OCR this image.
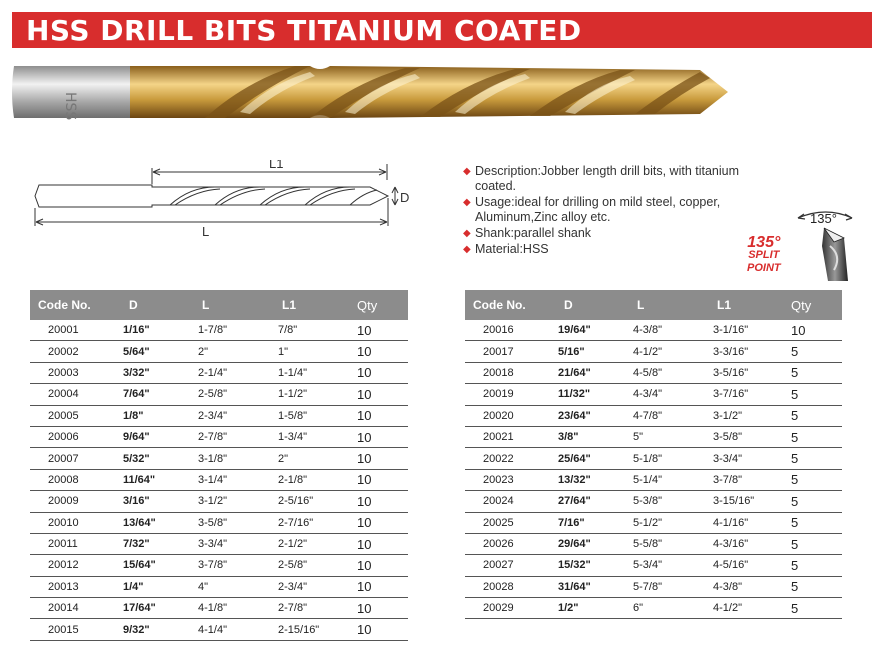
HSS DRILL BITS TITANIUM COATED
HSS
L1
L
D
◆ Description:Jobber length drill bits, with titanium coated.
◆ Usage:ideal for drilling on mild steel, copper, Aluminum,Zinc alloy etc.
◆ Shank:parallel shank
◆ Material:HSS
135°
135°
SPLIT
POINT
Code No.	D	L	L1	Qty
20001	1/16"	1-7/8"	7/8"	10
20002	5/64"	2"	1"	10
20003	3/32"	2-1/4"	1-1/4"	10
20004	7/64"	2-5/8"	1-1/2"	10
20005	1/8"	2-3/4"	1-5/8"	10
20006	9/64"	2-7/8"	1-3/4"	10
20007	5/32"	3-1/8"	2"	10
20008	11/64"	3-1/4"	2-1/8"	10
20009	3/16"	3-1/2"	2-5/16"	10
20010	13/64"	3-5/8"	2-7/16"	10
20011	7/32"	3-3/4"	2-1/2"	10
20012	15/64"	3-7/8"	2-5/8"	10
20013	1/4"	4"	2-3/4"	10
20014	17/64"	4-1/8"	2-7/8"	10
20015	9/32"	4-1/4"	2-15/16"	10
Code No.	D	L	L1	Qty
20016	19/64"	4-3/8"	3-1/16"	10
20017	5/16"	4-1/2"	3-3/16"	5
20018	21/64"	4-5/8"	3-5/16"	5
20019	11/32"	4-3/4"	3-7/16"	5
20020	23/64"	4-7/8"	3-1/2"	5
20021	3/8"	5"	3-5/8"	5
20022	25/64"	5-1/8"	3-3/4"	5
20023	13/32"	5-1/4"	3-7/8"	5
20024	27/64"	5-3/8"	3-15/16"	5
20025	7/16"	5-1/2"	4-1/16"	5
20026	29/64"	5-5/8"	4-3/16"	5
20027	15/32"	5-3/4"	4-5/16"	5
20028	31/64"	5-7/8"	4-3/8"	5
20029	1/2"	6"	4-1/2"	5
